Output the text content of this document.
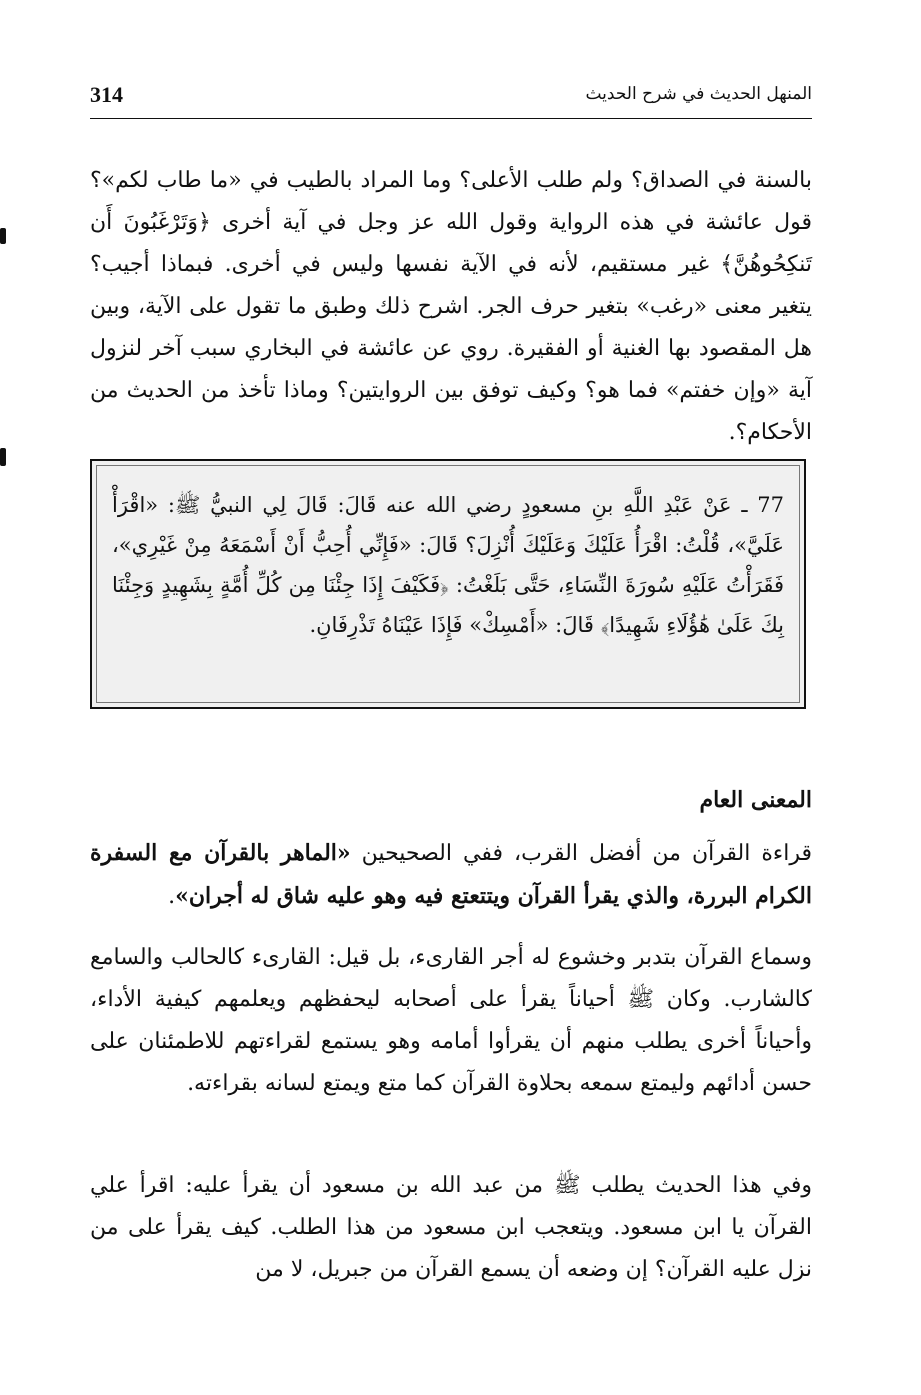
314	المنهل الحديث في شرح الحديث

بالسنة في الصداق؟ ولم طلب الأعلى؟ وما المراد بالطيب في «ما طاب لكم»؟ قول عائشة في هذه الرواية وقول الله عز وجل في آية أخرى ﴿وَتَرْغَبُونَ أَن تَنكِحُوهُنَّ﴾ غير مستقيم، لأنه في الآية نفسها وليس في أخرى. فبماذا أجيب؟ يتغير معنى «رغب» بتغير حرف الجر. اشرح ذلك وطبق ما تقول على الآية، وبين هل المقصود بها الغنية أو الفقيرة. روي عن عائشة في البخاري سبب آخر لنزول آية «وإن خفتم» فما هو؟ وكيف توفق بين الروايتين؟ وماذا تأخذ من الحديث من الأحكام؟.

77 ـ عَنْ عَبْدِ اللَّهِ بنِ مسعودٍ رضي الله عنه قَالَ: قَالَ لِي النبيُّ ﷺ: «اقْرَأْ عَلَيَّ»، قُلْتُ: اقْرَأُ عَلَيْكَ وَعَلَيْكَ أُنْزِلَ؟ قَالَ: «فَإِنِّي أُحِبُّ أَنْ أَسْمَعَهُ مِنْ غَيْرِي»، فَقَرَأْتُ عَلَيْهِ سُورَةَ النِّسَاءِ، حَتَّى بَلَغْتُ: ﴿فَكَيْفَ إِذَا جِئْنَا مِن كُلِّ أُمَّةٍ بِشَهِيدٍ وَجِئْنَا بِكَ عَلَىٰ هَٰؤُلَاءِ شَهِيدًا﴾ قَالَ: «أَمْسِكْ» فَإِذَا عَيْنَاهُ تَذْرِفَانِ.

المعنى العام

قراءة القرآن من أفضل القرب، ففي الصحيحين «الماهر بالقرآن مع السفرة الكرام البررة، والذي يقرأ القرآن ويتتعتع فيه وهو عليه شاق له أجران».

وسماع القرآن بتدبر وخشوع له أجر القارىء، بل قيل: القارىء كالحالب والسامع كالشارب. وكان ﷺ أحياناً يقرأ على أصحابه ليحفظهم ويعلمهم كيفية الأداء، وأحياناً أخرى يطلب منهم أن يقرأوا أمامه وهو يستمع لقراءتهم للاطمئنان على حسن أدائهم وليمتع سمعه بحلاوة القرآن كما متع ويمتع لسانه بقراءته.

وفي هذا الحديث يطلب ﷺ من عبد الله بن مسعود أن يقرأ عليه: اقرأ علي القرآن يا ابن مسعود. ويتعجب ابن مسعود من هذا الطلب. كيف يقرأ على من نزل عليه القرآن؟ إن وضعه أن يسمع القرآن من جبريل، لا من
